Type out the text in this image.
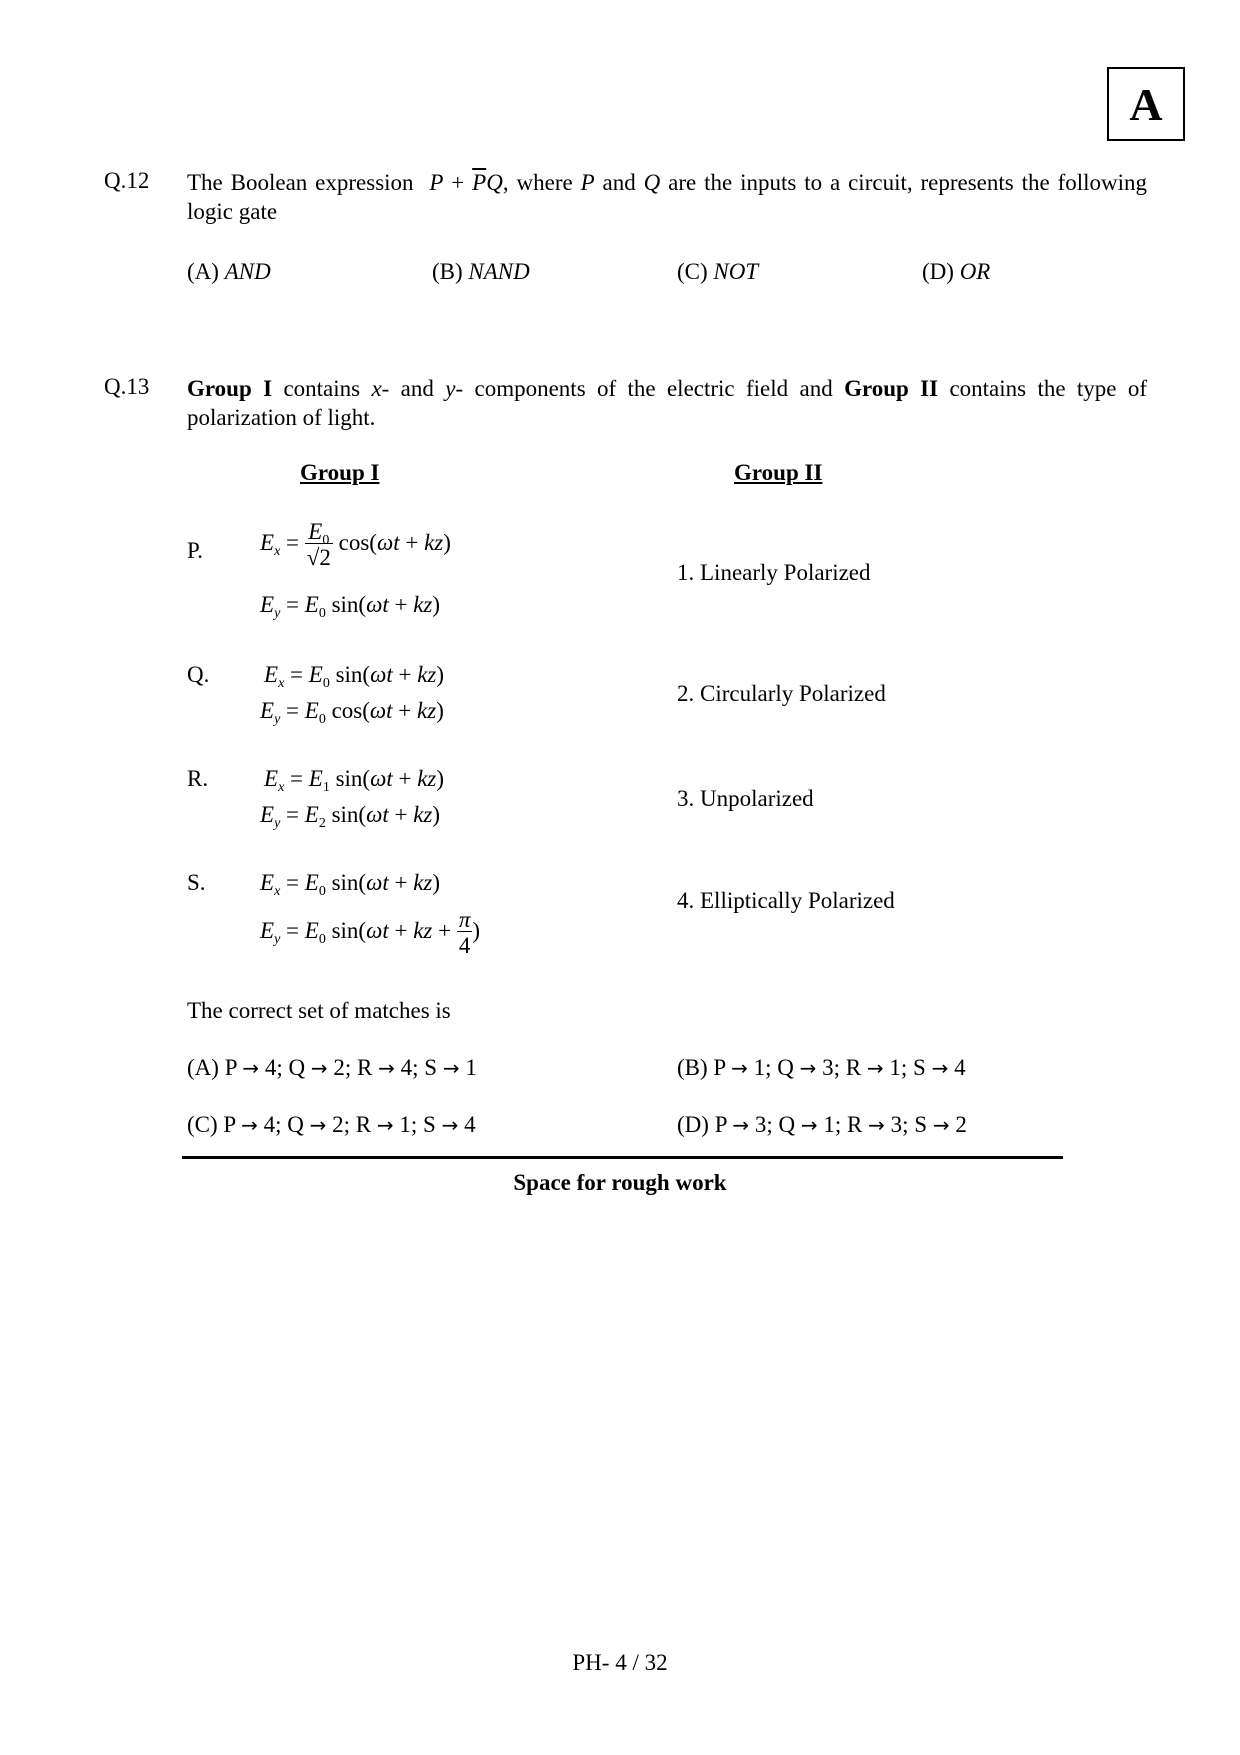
A
Q.12 The Boolean expression $P + \overline{P}Q$, where P and Q are the inputs to a circuit, represents the following logic gate
(A) AND	(B) NAND	(C) NOT	(D) OR
Q.13 Group I contains x- and y- components of the electric field and Group II contains the type of polarization of light.
Group I	Group II
P. $E_x = \frac{E_0}{√2} \cos(\omega t + kz)$
$E_y = E_0$ sin(ωt + kz)
1. Linearly Polarized
Q. $E_x = E_0$ sin(ωt + kz)
$E_y = E_0$ cos(ωt + kz)
2. Circularly Polarized
R. $E_x = E_1$ sin(ωt + kz)
$E_y = E_2$ sin(ωt + kz)
3. Unpolarized
S. $E_x = E_0$ sin(ωt + kz)
$E_y = E_0$ sin(ωt + kz + $\frac{\pi}{4}$ )
4. Elliptically Polarized
The correct set of matches is
(A) P → 4; Q → 2; R → 4; S → 1	(B) P → 1; Q → 3; R → 1; S → 4
(C) P → 4; Q → 2; R → 1; S → 4	(D) P → 3; Q → 1; R → 3; S → 2
Space for rough work
PH- 4 / 32
